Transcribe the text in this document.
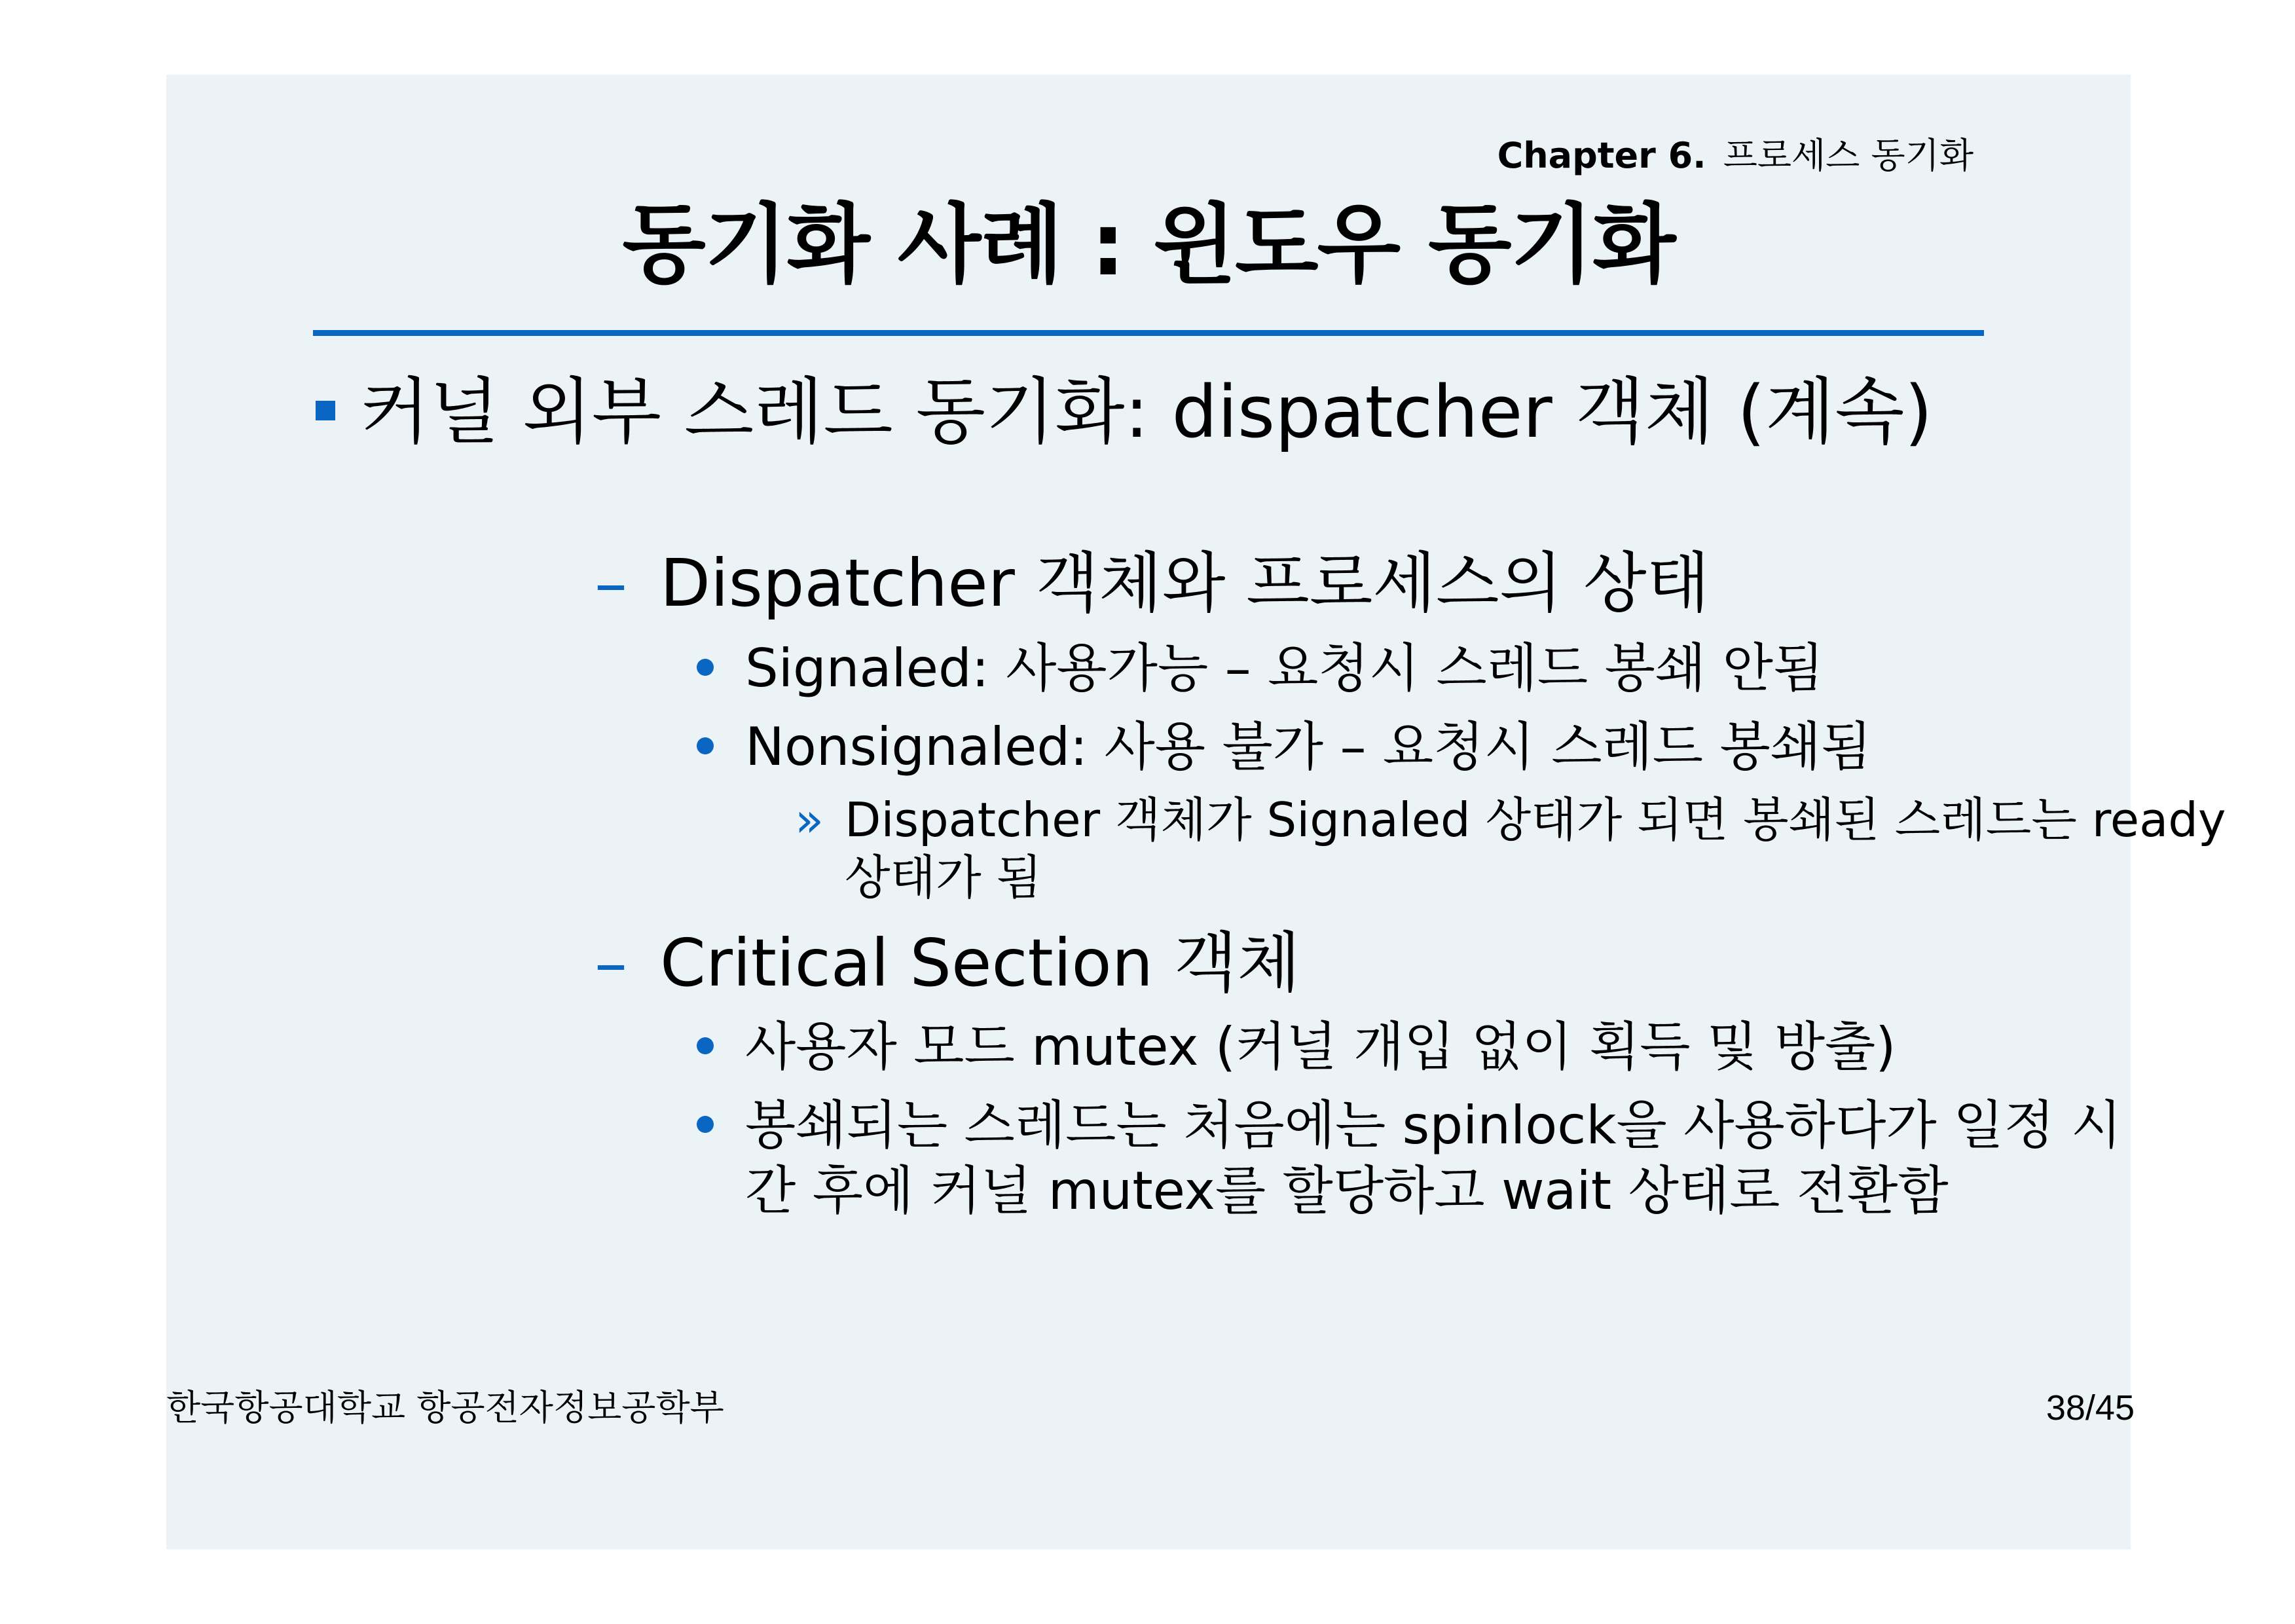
Chapter 6. 프로세스 동기화
동기화 사례 : 윈도우 동기화
커널 외부 스레드 동기화: dispatcher 객체 (계속)
– Dispatcher 객체와 프로세스의 상태
Signaled: 사용가능 – 요청시 스레드 봉쇄 안됨
Nonsignaled: 사용 불가 – 요청시 스레드 봉쇄됨
» Dispatcher 객체가 Signaled 상태가 되면 봉쇄된 스레드는 ready
상태가 됨
– Critical Section 객체
사용자 모드 mutex (커널 개입 없이 획득 및 방출)
봉쇄되는 스레드는 처음에는 spinlock을 사용하다가 일정 시
간 후에 커널 mutex를 할당하고 wait 상태로 전환함
한국항공대학교 항공전자정보공학부	38/45
